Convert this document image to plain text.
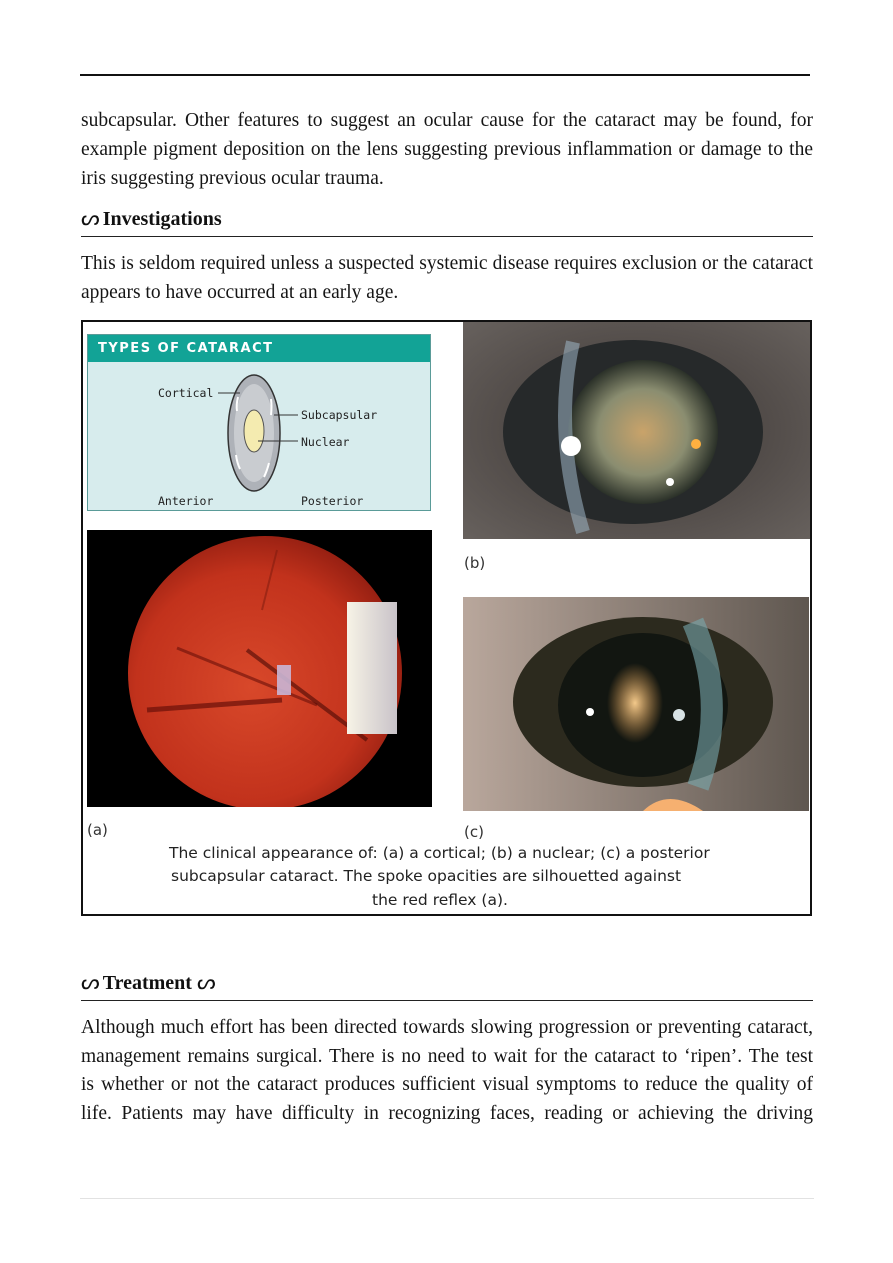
subcapsular. Other features to suggest an ocular cause for the cataract may be found, for example pigment deposition on the lens suggesting previous inflammation or damage to the iris suggesting previous ocular trauma.

ᔕ Investigations

This is seldom required unless a suspected systemic disease requires exclusion or the cataract appears to have occurred at an early age.

TYPES OF CATARACT
Cortical
Subcapsular
Nuclear
Anterior	Posterior
(b)
(a)	(c)
The clinical appearance of: (a) a cortical; (b) a nuclear; (c) a posterior
subcapsular cataract. The spoke opacities are silhouetted against
the red reflex (a).
ᔕ Treatment ᔕ

Although much effort has been directed towards slowing progression or preventing cataract,

management remains surgical. There is no need to wait for the cataract to ‘ripen’. The test

is whether or not the cataract produces sufficient visual symptoms to reduce the quality of

life. Patients may have difficulty in recognizing faces, reading or achieving the driving
